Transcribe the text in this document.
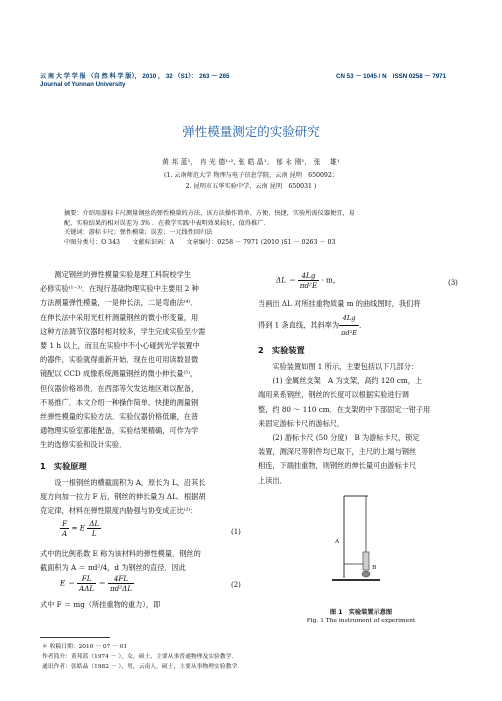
云 南 大 学 学 报 （自 然 科 学 版）， 2010 ， 32 （S1）： 263 ～ 265	CN 53 － 1045 / N　ISSN 0258 － 7971
Journal of Yunnan University
弹性模量测定的实验研究
黄 邦 蓝¹， 冉 光 德¹·², 张 皓 晶¹， 郁 永 刚¹， 张　 雄¹
(1. 云南师范大学 物理与电子信息学院，云南 昆明　650092；
2. 昆明市五华实验中学，云南 昆明　650031 )
摘要：介绍用游标卡尺测量钢丝的弹性模量的方法，该方法操作简单、方便、快捷，实验所需仪器便宜，易
配，实验结果的相对误差为 3% ．在教学实践中表明效果较好，值得推广．
关键词：游标卡尺；弹性模量；误差；一元线性回归法
中图分类号：O 343　　文献标识码：A　　文章编号：0258 － 7971 (2010 )S1 － 0263 － 03
　　测定钢丝的弹性模量实验是理工科院校学生
必修实验⁽¹⁻³⁾．在现行基础物理实验中主要用 2 种
方法测量弹性模量，一是伸长法，二是弯曲法⁽⁴⁾．
在伸长法中采用光杠杆测量钢丝的微小形变量，用
这种方法调节仪器时相对较多，学生完成实验至少需
要 1 h 以上，而且在实验中不小心碰到光学装置中
的器件，实验就得重新开始．现在也可用读数显微
镜配以 CCD 成像系统测量钢丝的微小伸长量⁽⁵⁾，
但仪器价格昂贵．在西部等欠发达地区难以配备，
不易推广．本文介绍一种操作简单、快捷的测量钢
丝弹性模量的实验方法．实验仪器价格低廉，在普
通物理实验室都能配备，实验结果精确，可作为学
生的选修实验和设计实验．
1　实验原理
　　设一根钢丝的横截面积为 A，原长为 L，沿其长
度方向加一拉力 F 后，钢丝的伸长量为 ΔL．根据胡
克定律，材料在弹性限度内胁强与协变成正比⁽²⁾：
$\frac{F}{A} = E \frac{\Delta L}{L}$	(1)
式中的比例系数 E 称为该材料的弹性模量．钢丝的
截面积为 A ＝ πd²/4，d 为钢丝的直径．因此
$E = \frac{FL}{\text{AΔL}} = \frac{4FL}{\text{πd²ΔL}}$	(2)
式中 F ＝ mg（所挂重物的重力），即
$\Delta L = \frac{4Lg}{\text{πd²E}} \cdot m$，	(3)
当画出 ΔL 对所挂重物质量 m 的曲线图时，我们将
得到 1 条直线，其斜率为 $\frac{4Lg}{\text{πd²E}}$ ．
2　实验装置
　　实验装置如图 1 所示，主要包括以下几部分：
　　(1) 金属丝支架　A 为支架，高约 120 cm，上
端用来系钢丝，钢丝的长度可以根据实验进行调
整，约 80 ～ 110 cm．在支架的中下部固定一钳子用
来固定游标卡尺的游标尺．
　　(2) 游标卡尺 (50 分度)　B 为游标卡尺，锁定
装置，测深尺等附件均已取下，主尺的上端与钢丝
相连，下端挂重物，则钢丝的伸长量可由游标卡尺
上读出．
A
B
图 1　实验装置示意图
Fig. 1 The instrument of experiment
＊ 收稿日期：2010 － 07 － 01
作者简介：黄邦蓝（1974 － ），女，硕士，主要从事普通物理及实验教学．
通讯作者：张皓晶（1982 － ），男，云南人，硕士，主要从事物理实验教学．
